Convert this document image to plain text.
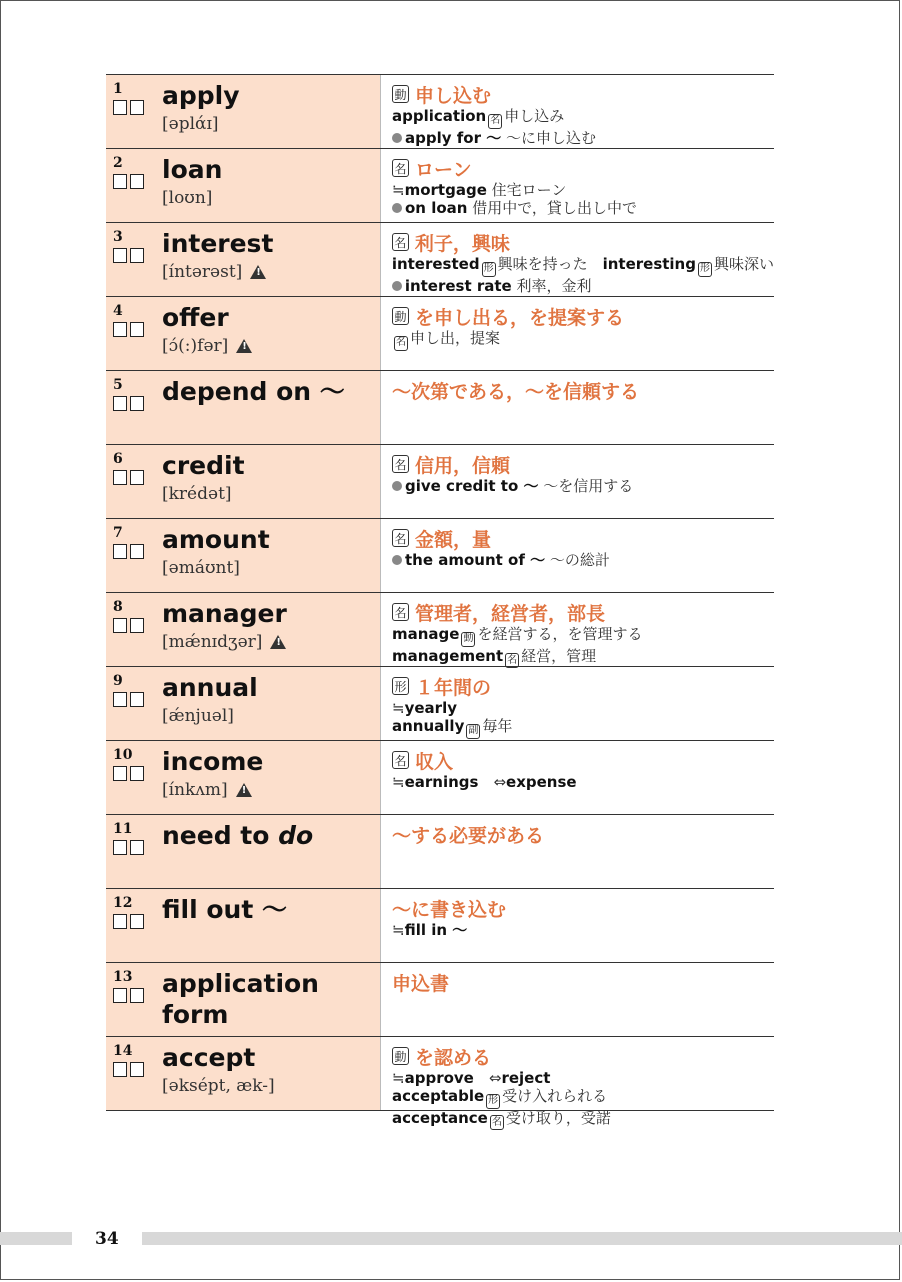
1 apply
[əplάɪ]
動 申し込む
application 名 申し込み
apply for ～ ～に申し込む
2 loan
[loʊn]
名 ローン
≒mortgage 住宅ローン
on loan 借用中で，貸し出し中で
3 interest
[íntərəst]!
名 利子，興味
interested 形 興味を持った　interesting 形 興味深い
interest rate 利率，金利
4 offer
[ɔ́(:)fər]!
動 を申し出る，を提案する
名 申し出，提案
5 depend on ～ ～次第である，～を信頼する
6 credit
[krédət]
名 信用，信頼
give credit to ～ ～を信用する
7 amount
[əmáʊnt]
名 金額，量
the amount of ～ ～の総計
8 manager
[mǽnɪdʒər]!
名 管理者，経営者，部長
manage 動 を経営する，を管理する
management 名 経営，管理
9 annual
[ǽnjuəl]
形 １年間の
≒yearly
annually 副 毎年
10 income
[ínkʌm]!
名 収入
≒earnings　⇔expense
11 need to do	～する必要がある
12 fill out ～	～に書き込む
≒fill in ～
13 application form
申込書
14 accept
[əksépt, æk-]
動 を認める
≒approve　⇔reject
acceptable 形 受け入れられる
acceptance 名 受け取り，受諾
34
